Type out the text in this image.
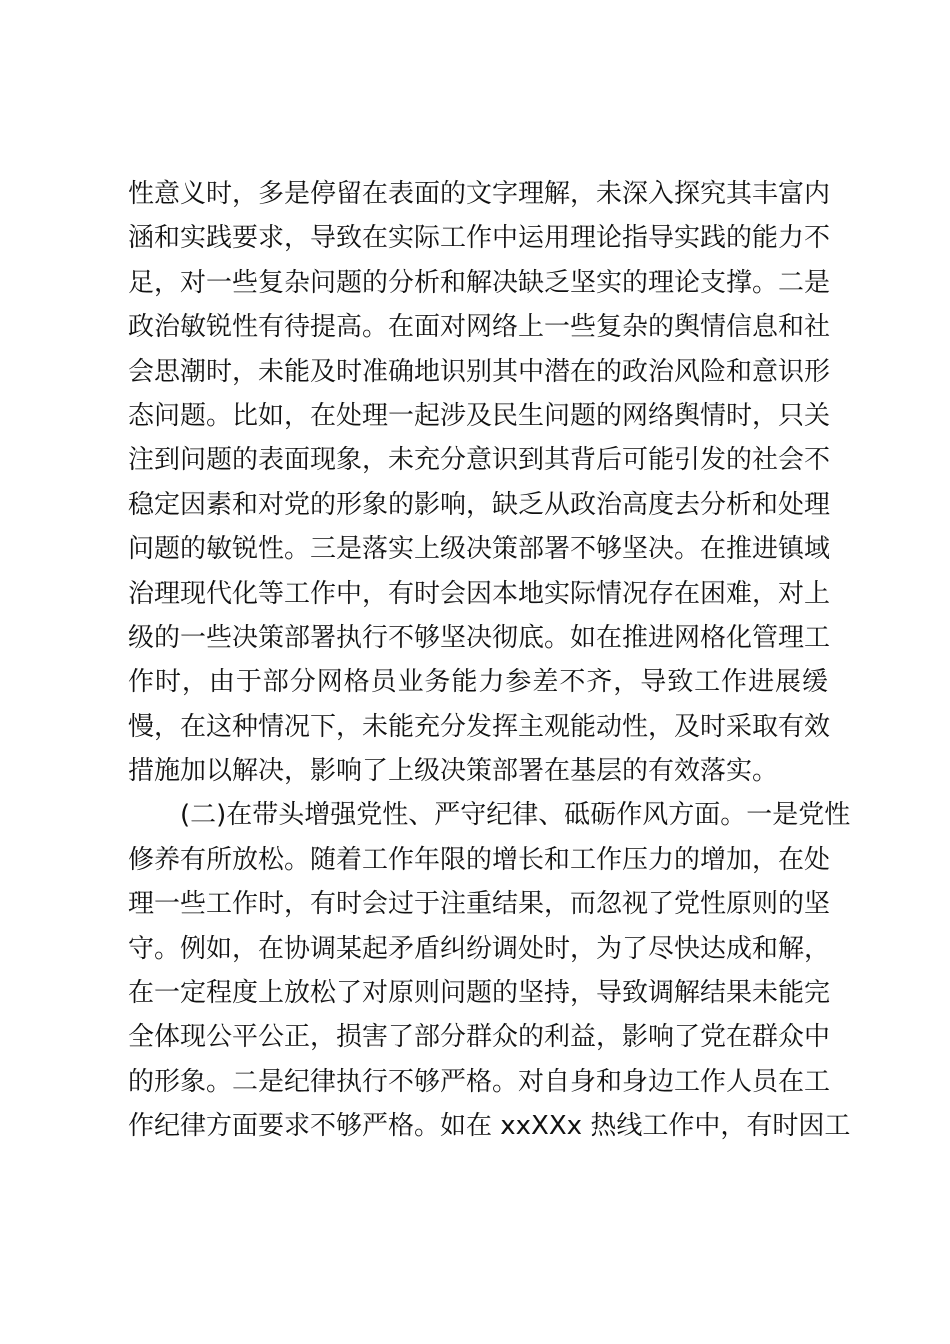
性意义时，多是停留在表面的文字理解，未深入探究其丰富内
涵和实践要求，导致在实际工作中运用理论指导实践的能力不
足，对一些复杂问题的分析和解决缺乏坚实的理论支撑。二是
政治敏锐性有待提高。在面对网络上一些复杂的舆情信息和社
会思潮时，未能及时准确地识别其中潜在的政治风险和意识形
态问题。比如，在处理一起涉及民生问题的网络舆情时，只关
注到问题的表面现象，未充分意识到其背后可能引发的社会不
稳定因素和对党的形象的影响，缺乏从政治高度去分析和处理
问题的敏锐性。三是落实上级决策部署不够坚决。在推进镇域
治理现代化等工作中，有时会因本地实际情况存在困难，对上
级的一些决策部署执行不够坚决彻底。如在推进网格化管理工
作时，由于部分网格员业务能力参差不齐，导致工作进展缓
慢，在这种情况下，未能充分发挥主观能动性，及时采取有效
措施加以解决，影响了上级决策部署在基层的有效落实。
(二)在带头增强党性、严守纪律、砥砺作风方面。一是党性
修养有所放松。随着工作年限的增长和工作压力的增加，在处
理一些工作时，有时会过于注重结果，而忽视了党性原则的坚
守。例如，在协调某起矛盾纠纷调处时，为了尽快达成和解，
在一定程度上放松了对原则问题的坚持，导致调解结果未能完
全体现公平公正，损害了部分群众的利益，影响了党在群众中
的形象。二是纪律执行不够严格。对自身和身边工作人员在工
作纪律方面要求不够严格。如在 xxXXx 热线工作中，有时因工
